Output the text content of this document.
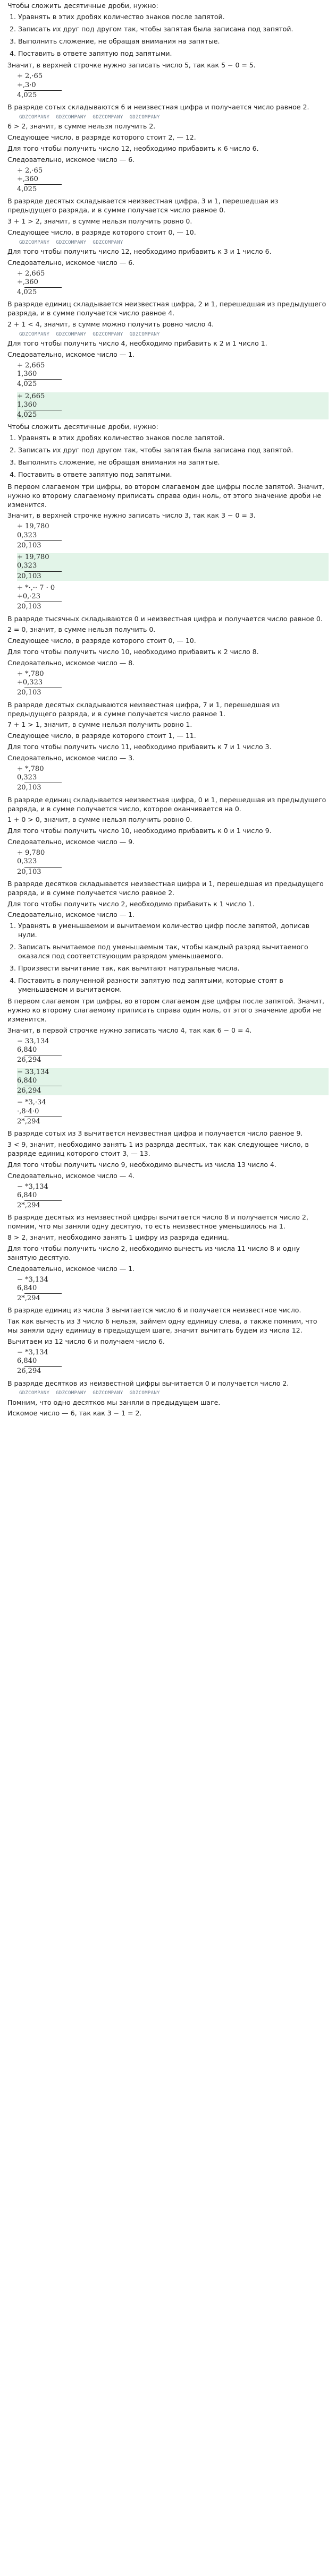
Чтобы сложить десятичные дроби, нужно:

1. Уравнять в этих дробях количество знаков после запятой.
2. Записать их друг под другом так, чтобы запятая была записана под запятой.
3. Выполнить сложение, не обращая внимания на запятые.
4. Поставить в ответе запятую под запятыми.

Значит, в верхней строчке нужно записать число 5, так как 5 − 0 = 5.

+ 2,·65
+,3·0
4,025

В разряде сотых складываются 6 и неизвестная цифра и получается число равное 2.

GDZCOMPANY GDZCOMPANY GDZCOMPANY GDZCOMPANY

6 > 2, значит, в сумме нельзя получить 2.

Следующее число, в разряде которого стоит 2, — 12.

Для того чтобы получить число 12, необходимо прибавить к 6 число 6.

Следовательно, искомое число — 6.

+ 2,·65
+,360
4,025

В разряде десятых складывается неизвестная цифра, 3 и 1, перешедшая из предыдущего разряда, и в сумме получается число равное 0.

3 + 1 > 2, значит, в сумме нельзя получить ровно 0.

Следующее число, в разряде которого стоит 0, — 10.

GDZCOMPANY GDZCOMPANY GDZCOMPANY

Для того чтобы получить число 12, необходимо прибавить к 3 и 1 число 6.

Следовательно, искомое число — 6.

+ 2,665
+,360
4,025

В разряде единиц складывается неизвестная цифра, 2 и 1, перешедшая из предыдущего разряда, и в сумме получается число равное 4.

2 + 1 < 4, значит, в сумме можно получить ровно число 4.

GDZCOMPANY GDZCOMPANY GDZCOMPANY GDZCOMPANY

Для того чтобы получить число 4, необходимо прибавить к 2 и 1 число 1.

Следовательно, искомое число — 1.

+ 2,665
1,360
4,025
+ 2,665
1,360
4,025

Чтобы сложить десятичные дроби, нужно:

1. Уравнять в этих дробях количество знаков после запятой.
2. Записать их друг под другом так, чтобы запятая была записана под запятой.
3. Выполнить сложение, не обращая внимания на запятые.
4. Поставить в ответе запятую под запятыми.

В первом слагаемом три цифры, во втором слагаемом две цифры после запятой. Значит, нужно ко второму слагаемому приписать справа один ноль, от этого значение дроби не изменится.

Значит, в верхней строчке нужно записать число 3, так как 3 − 0 = 3.

+ 19,780
0,323
20,103
+ 19,780
0,323
20,103
+ *·,·· 7 · 0
+0,·23
20,103

В разряде тысячных складываются 0 и неизвестная цифра и получается число равное 0.

2 = 0, значит, в сумме нельзя получить 0.

Следующее число, в разряде которого стоит 0, — 10.

Для того чтобы получить число 10, необходимо прибавить к 2 число 8.

Следовательно, искомое число — 8.

+ *,780
+0,323
20,103

В разряде десятых складываются неизвестная цифра, 7 и 1, перешедшая из предыдущего разряда, и в сумме получается число равное 1.

7 + 1 > 1, значит, в сумме нельзя получить ровно 1.

Следующее число, в разряде которого стоит 1, — 11.

Для того чтобы получить число 11, необходимо прибавить к 7 и 1 число 3.

Следовательно, искомое число — 3.

+ *,780
0,323
20,103

В разряде единиц складывается неизвестная цифра, 0 и 1, перешедшая из предыдущего разряда, и в сумме получается число, которое оканчивается на 0.

1 + 0 > 0, значит, в сумме нельзя получить ровно 0.

Для того чтобы получить число 10, необходимо прибавить к 0 и 1 число 9.

Следовательно, искомое число — 9.

+ 9,780
0,323
20,103

В разряде десятков складывается неизвестная цифра и 1, перешедшая из предыдущего разряда, и в сумме получается число равное 2.

Для того чтобы получить число 2, необходимо прибавить к 1 число 1.

Следовательно, искомое число — 1.

1. Уравнять в уменьшаемом и вычитаемом количество цифр после запятой, дописав нули.
2. Записать вычитаемое под уменьшаемым так, чтобы каждый разряд вычитаемого оказался под соответствующим разрядом уменьшаемого.
3. Произвести вычитание так, как вычитают натуральные числа.
4. Поставить в полученной разности запятую под запятыми, которые стоят в уменьшаемом и вычитаемом.

В первом слагаемом три цифры, во втором слагаемом две цифры после запятой. Значит, нужно ко второму слагаемому приписать справа один ноль, от этого значение дроби не изменится.

Значит, в первой строчке нужно записать число 4, так как 6 − 0 = 4.

− 33,134
6,840
26,294
− 33,134
6,840
26,294
− *3,·34
·,8·4·0
2*,294

В разряде сотых из 3 вычитается неизвестная цифра и получается число равное 9.

3 < 9, значит, необходимо занять 1 из разряда десятых, так как следующее число, в разряде единиц которого стоит 3, — 13.

Для того чтобы получить число 9, необходимо вычесть из числа 13 число 4.

Следовательно, искомое число — 4.

− *3,134
6,840
2*,294

В разряде десятых из неизвестной цифры вычитается число 8 и получается число 2, помним, что мы заняли одну десятую, то есть неизвестное уменьшилось на 1.

8 > 2, значит, необходимо занять 1 цифру из разряда единиц.

Для того чтобы получить число 2, необходимо вычесть из числа 11 число 8 и одну занятую десятую.

Следовательно, искомое число — 1.

− *3,134
6,840
2*,294

В разряде единиц из числа 3 вычитается число 6 и получается неизвестное число.

Так как вычесть из 3 число 6 нельзя, займем одну единицу слева, а также помним, что мы заняли одну единицу в предыдущем шаге, значит вычитать будем из числа 12.

Вычитаем из 12 число 6 и получаем число 6.

− *3,134
6,840
26,294

В разряде десятков из неизвестной цифры вычитается 0 и получается число 2.

GDZCOMPANY GDZCOMPANY GDZCOMPANY GDZCOMPANY

Помним, что одно десятков мы заняли в предыдущем шаге.

Искомое число — 6, так как 3 − 1 = 2.
